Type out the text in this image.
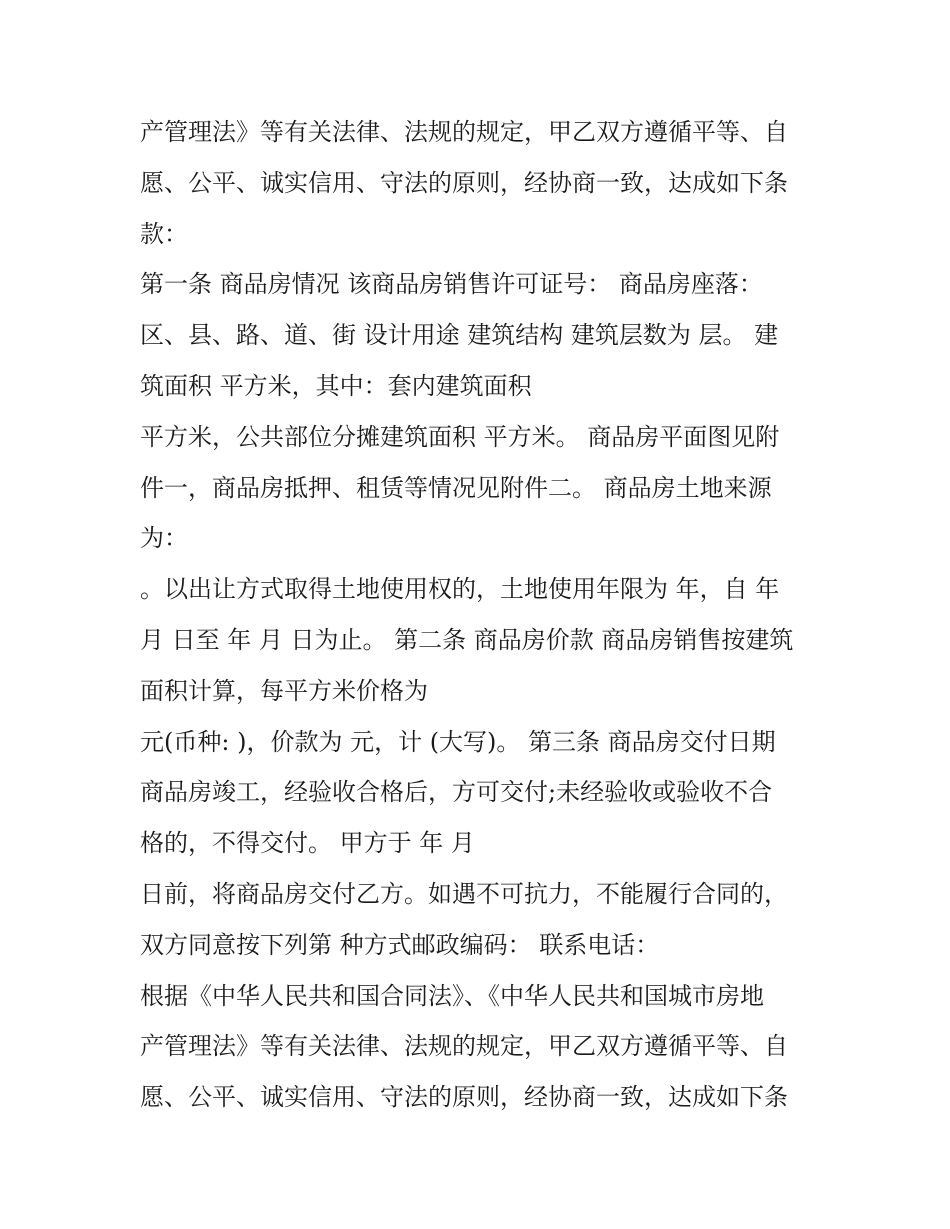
产管理法》等有关法律、法规的规定，甲乙双方遵循平等、自
愿、公平、诚实信用、守法的原则，经协商一致，达成如下条
款：
第一条 商品房情况 该商品房销售许可证号： 商品房座落：
区、县、路、道、街 设计用途 建筑结构 建筑层数为 层。 建
筑面积 平方米，其中：套内建筑面积
平方米，公共部位分摊建筑面积 平方米。 商品房平面图见附
件一，商品房抵押、租赁等情况见附件二。 商品房土地来源
为：
。以出让方式取得土地使用权的，土地使用年限为 年，自 年
月 日至 年 月 日为止。 第二条 商品房价款 商品房销售按建筑
面积计算，每平方米价格为
元(币种: )，价款为 元，计 (大写)。 第三条 商品房交付日期
商品房竣工，经验收合格后，方可交付;未经验收或验收不合
格的，不得交付。 甲方于 年 月
日前，将商品房交付乙方。如遇不可抗力，不能履行合同的，
双方同意按下列第 种方式邮政编码： 联系电话：
根据《中华人民共和国合同法》、《中华人民共和国城市房地
产管理法》等有关法律、法规的规定，甲乙双方遵循平等、自
愿、公平、诚实信用、守法的原则，经协商一致，达成如下条
